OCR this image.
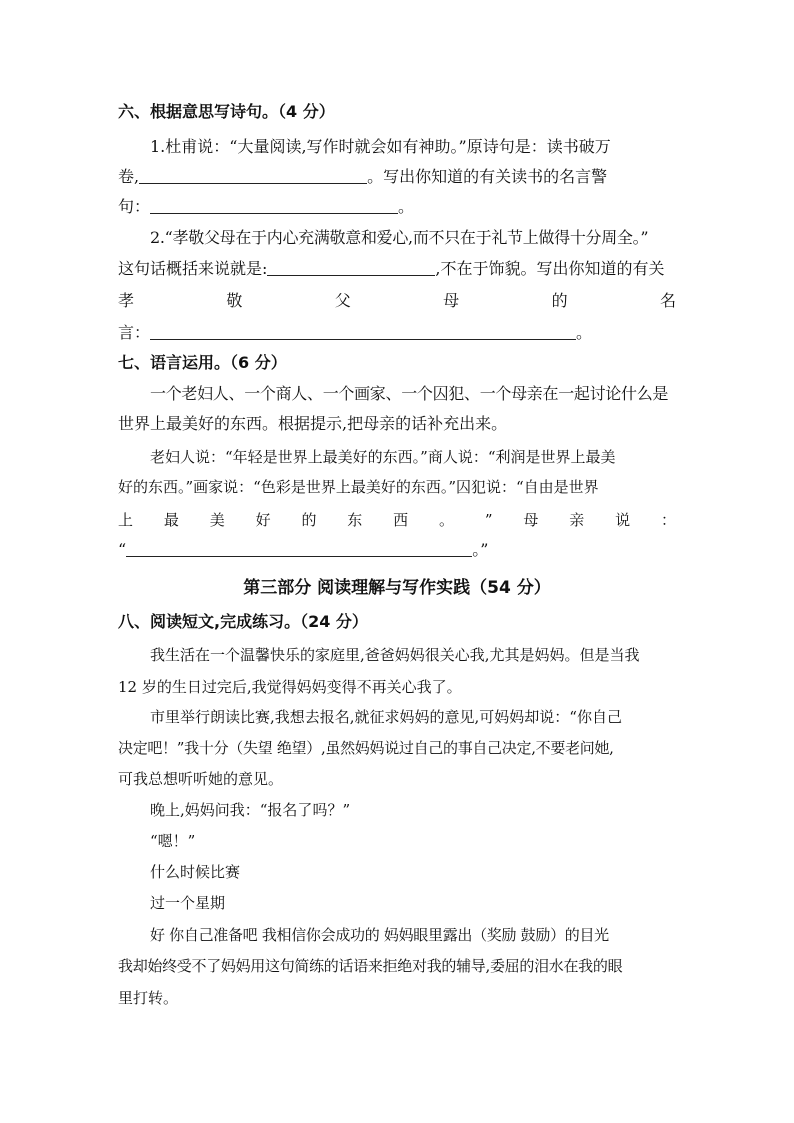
六、根据意思写诗句。（4 分）
1.杜甫说：“大量阅读,写作时就会如有神助。”原诗句是：读书破万
卷,	。写出你知道的有关读书的名言警
句：	。
2.“孝敬父母在于内心充满敬意和爱心,而不只在于礼节上做得十分周全。”
这句话概括来说就是:	,不在于饰貌。写出你知道的有关
孝	敬	父	母	的	名
言：	。
七、语言运用。（6 分）
一个老妇人、一个商人、一个画家、一个囚犯、一个母亲在一起讨论什么是
世界上最美好的东西。根据提示,把母亲的话补充出来。
老妇人说：“年轻是世界上最美好的东西。”商人说：“利润是世界上最美
好的东西。”画家说：“色彩是世界上最美好的东西。”囚犯说：“自由是世界
上 最 美 好 的 东 西 。 ” 母 亲 说 ：
“	。”
第三部分 阅读理解与写作实践（54 分）
八、阅读短文,完成练习。（24 分）
我生活在一个温馨快乐的家庭里,爸爸妈妈很关心我,尤其是妈妈。但是当我
12 岁的生日过完后,我觉得妈妈变得不再关心我了。
市里举行朗读比赛,我想去报名,就征求妈妈的意见,可妈妈却说：“你自己
决定吧！”我十分（失望 绝望）,虽然妈妈说过自己的事自己决定,不要老问她,
可我总想听听她的意见。
晚上,妈妈问我：“报名了吗？”
“嗯！”
什么时候比赛
过一个星期
好 你自己准备吧 我相信你会成功的 妈妈眼里露出（奖励 鼓励）的目光
我却始终受不了妈妈用这句简练的话语来拒绝对我的辅导,委屈的泪水在我的眼
里打转。
